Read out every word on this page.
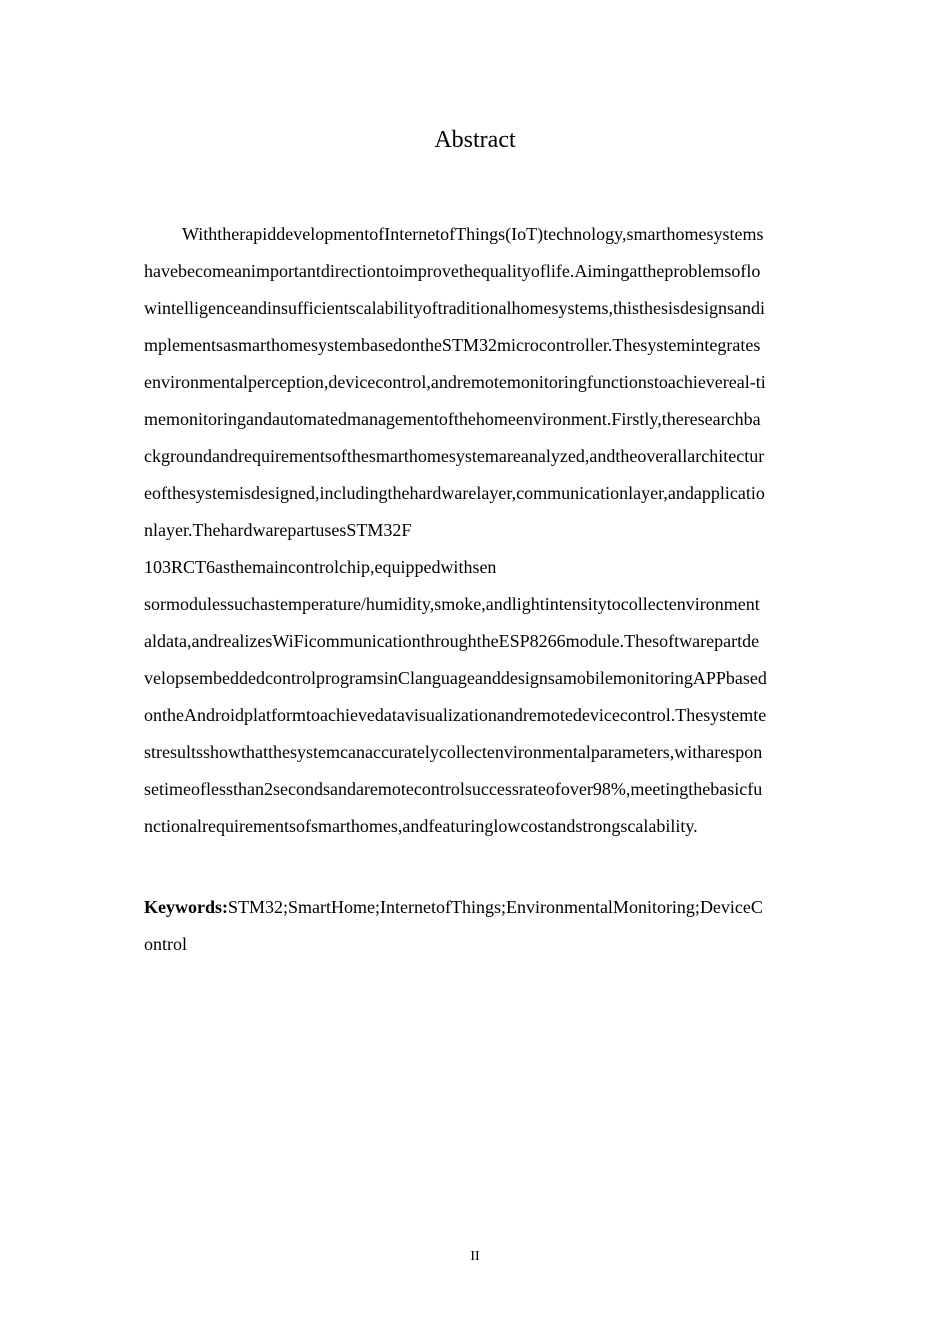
Abstract
WiththerapiddevelopmentofInternetofThings(IoT)technology,smarthomesystems
havebecomeanimportantdirectiontoimprovethequalityoflife.Aimingattheproblemsoflo
wintelligenceandinsufficientscalabilityoftraditionalhomesystems,thisthesisdesignsandi
mplementsasmarthomesystembasedontheSTM32microcontroller.Thesystemintegrates
environmentalperception,devicecontrol,andremotemonitoringfunctionstoachievereal-ti
memonitoringandautomatedmanagementofthehomeenvironment.Firstly,theresearchba
ckgroundandrequirementsofthesmarthomesystemareanalyzed,andtheoverallarchitectur
eofthesystemisdesigned,includingthehardwarelayer,communicationlayer,andapplicatio
nlayer.ThehardwarepartusesSTM32F
103RCT6asthemaincontrolchip,equippedwithsen
sormodulessuchastemperature/humidity,smoke,andlightintensitytocollectenvironment
aldata,andrealizesWiFicommunicationthroughtheESP8266module.Thesoftwarepartde
velopsembeddedcontrolprogramsinClanguageanddesignsamobilemonitoringAPPbased
ontheAndroidplatformtoachievedatavisualizationandremotedevicecontrol.Thesystemte
stresultsshowthatthesystemcanaccuratelycollectenvironmentalparameters,witharespon
setimeoflessthan2secondsandaremotecontrolsuccessrateofover98%,meetingthebasicfu
nctionalrequirementsofsmarthomes,andfeaturinglowcostandstrongscalability.
Keywords:STM32;SmartHome;InternetofThings;EnvironmentalMonitoring;DeviceC
ontrol
II
